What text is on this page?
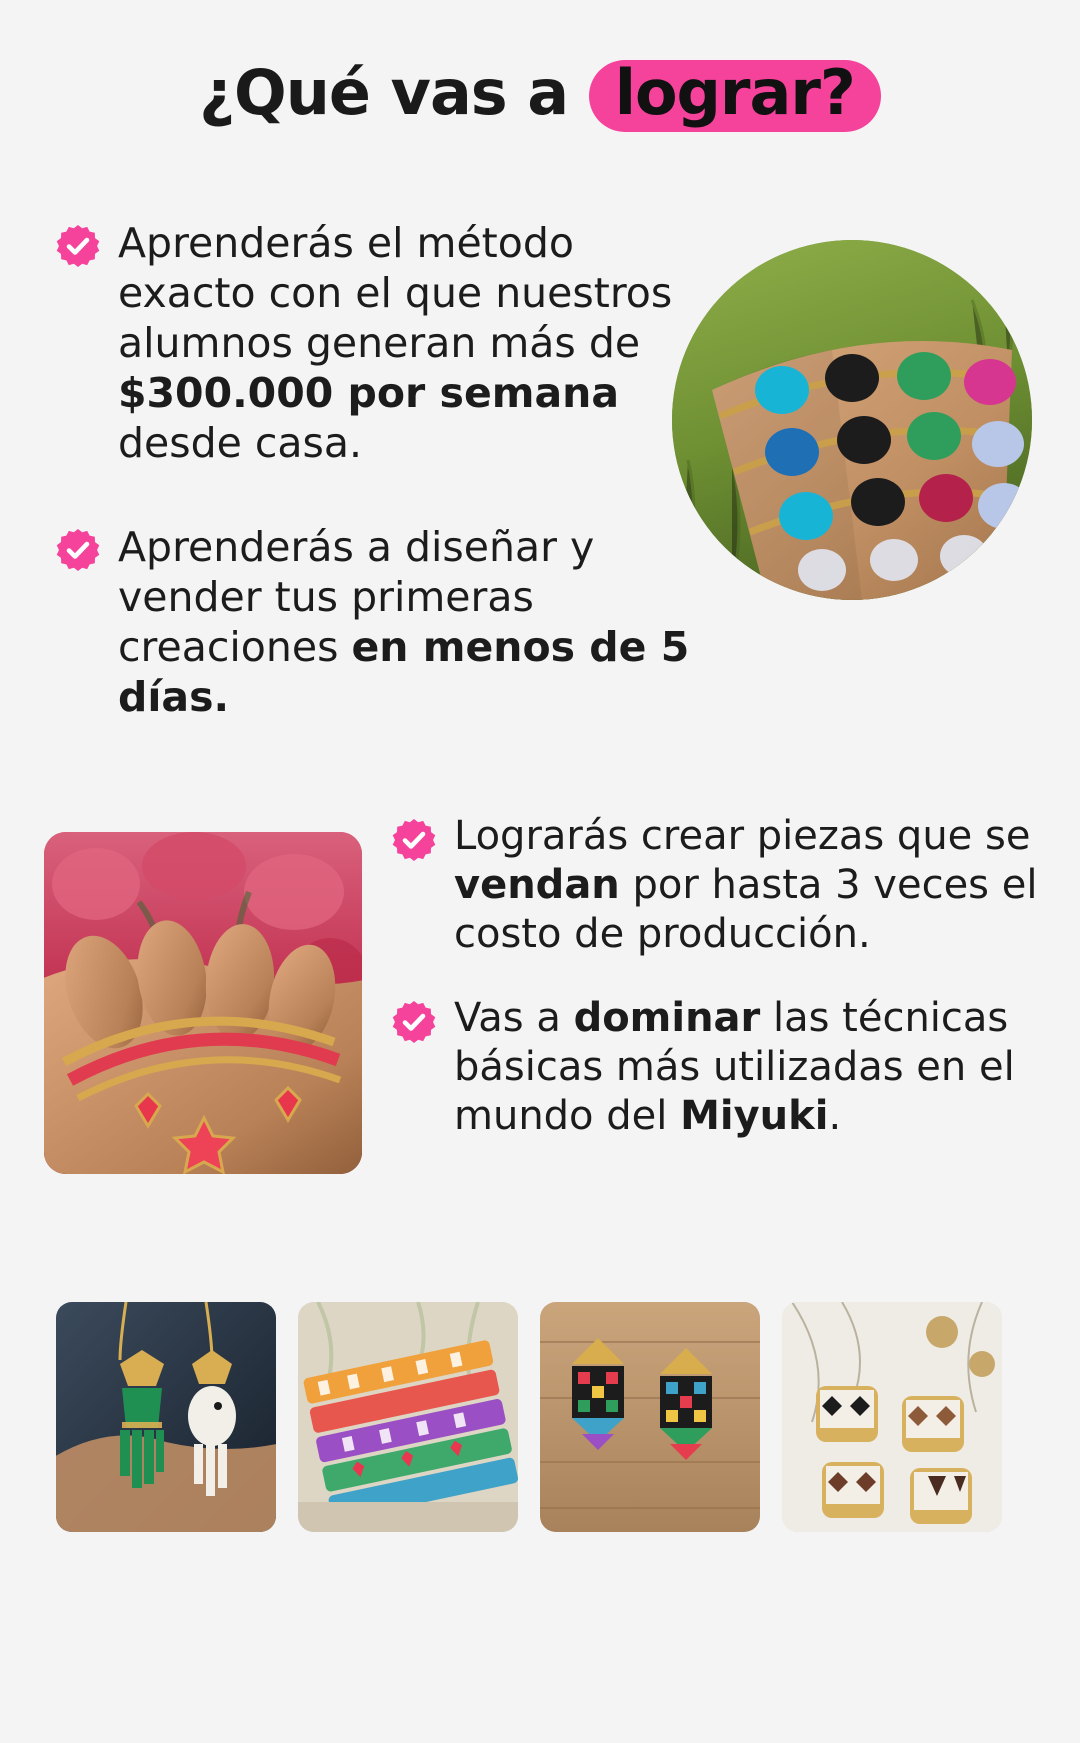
¿Qué vas a lograr?

Aprenderás el método exacto con el que nuestros alumnos generan más de $300.000 por semana desde casa.

Aprenderás a diseñar y vender tus primeras creaciones en menos de 5 días.

Lograrás crear piezas que se vendan por hasta 3 veces el costo de producción.

Vas a dominar las técnicas básicas más utilizadas en el mundo del Miyuki.
